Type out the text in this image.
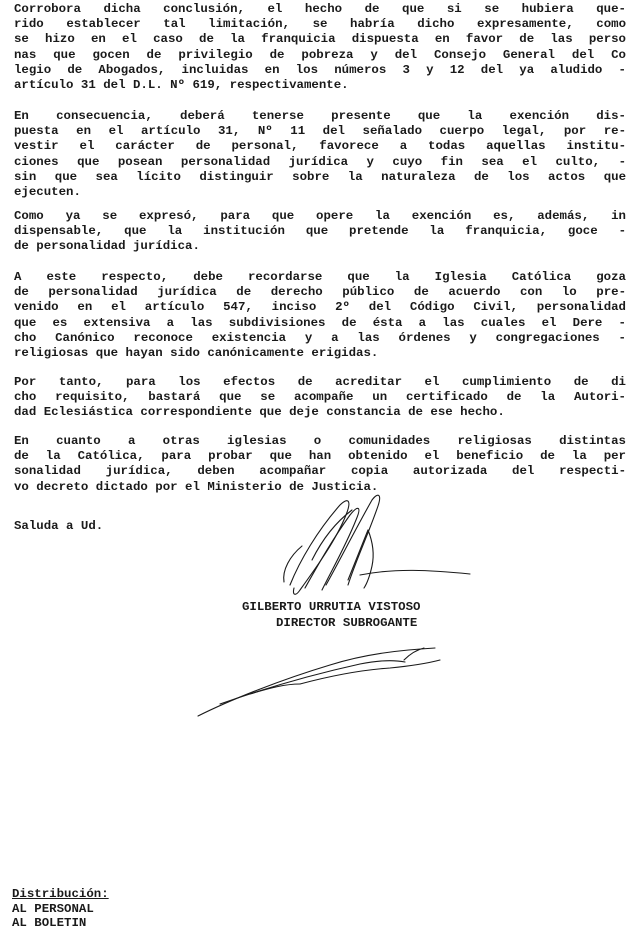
Corrobora dicha conclusión, el hecho de que si se hubiera que-
rido establecer tal limitación, se habría dicho expresamente, como
se hizo en el caso de la franquicia dispuesta en favor de las perso
nas que gocen de privilegio de pobreza y del Consejo General del Co
legio de Abogados, incluidas en los números 3 y 12 del ya aludido -
artículo 31 del D.L. Nº 619, respectivamente.
En consecuencia, deberá tenerse presente que la exención dis-
puesta en el artículo 31, Nº 11 del señalado cuerpo legal, por re-
vestir el carácter de personal, favorece a todas aquellas institu-
ciones que posean personalidad jurídica y cuyo fin sea el culto, -
sin que sea lícito distinguir sobre la naturaleza de los actos que
ejecuten.
Como ya se expresó, para que opere la exención es, además, in
dispensable, que la institución que pretende la franquicia, goce -
de personalidad jurídica.
A este respecto, debe recordarse que la Iglesia Católica goza
de personalidad jurídica de derecho público de acuerdo con lo pre-
venido en el artículo 547, inciso 2º del Código Civil, personalidad
que es extensiva a las subdivisiones de ésta a las cuales el Dere -
cho Canónico reconoce existencia y a las órdenes y congregaciones -
religiosas que hayan sido canónicamente erigidas.
Por tanto, para los efectos de acreditar el cumplimiento de di
cho requisito, bastará que se acompañe un certificado de la Autori-
dad Eclesiástica correspondiente que deje constancia de ese hecho.
En cuanto a otras iglesias o comunidades religiosas distintas
de la Católica, para probar que han obtenido el beneficio de la per
sonalidad jurídica, deben acompañar copia autorizada del respecti-
vo decreto dictado por el Ministerio de Justicia.
Saluda a Ud.
GILBERTO URRUTIA VISTOSO
DIRECTOR SUBROGANTE
Distribución:
AL PERSONAL
AL BOLETIN
